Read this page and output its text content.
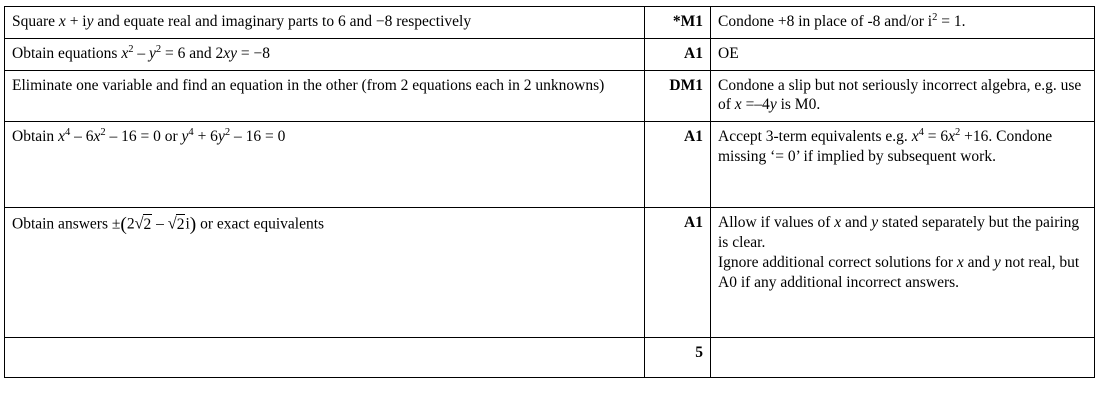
Square x + iy and equate real and imaginary parts to 6 and −8 respectively	*M1	Condone +8 in place of -8 and/or $i^2 = 1$.
Obtain equations $x^2 - y^2 = 6$ and 2xy = −8	A1	OE
Eliminate one variable and find an equation in the other (from 2 equations each in 2 unknowns)	DM1	Condone a slip but not seriously incorrect algebra, e.g. use of x =–4y is M0.
Obtain $x^4 - 6x^2 - 16 = 0$ or $y^4 + 6y^2 - 16 = 0$	A1	Accept 3-term equivalents e.g. $x^4 = 6x^2 +16$. Condone missing ‘= 0’ if implied by subsequent work.
Obtain answers ±(2√2 – √2i) or exact equivalents	A1	Allow if values of x and y stated separately but the pairing is clear.
Ignore additional correct solutions for x and y not real, but A0 if any additional incorrect answers.
	5	
